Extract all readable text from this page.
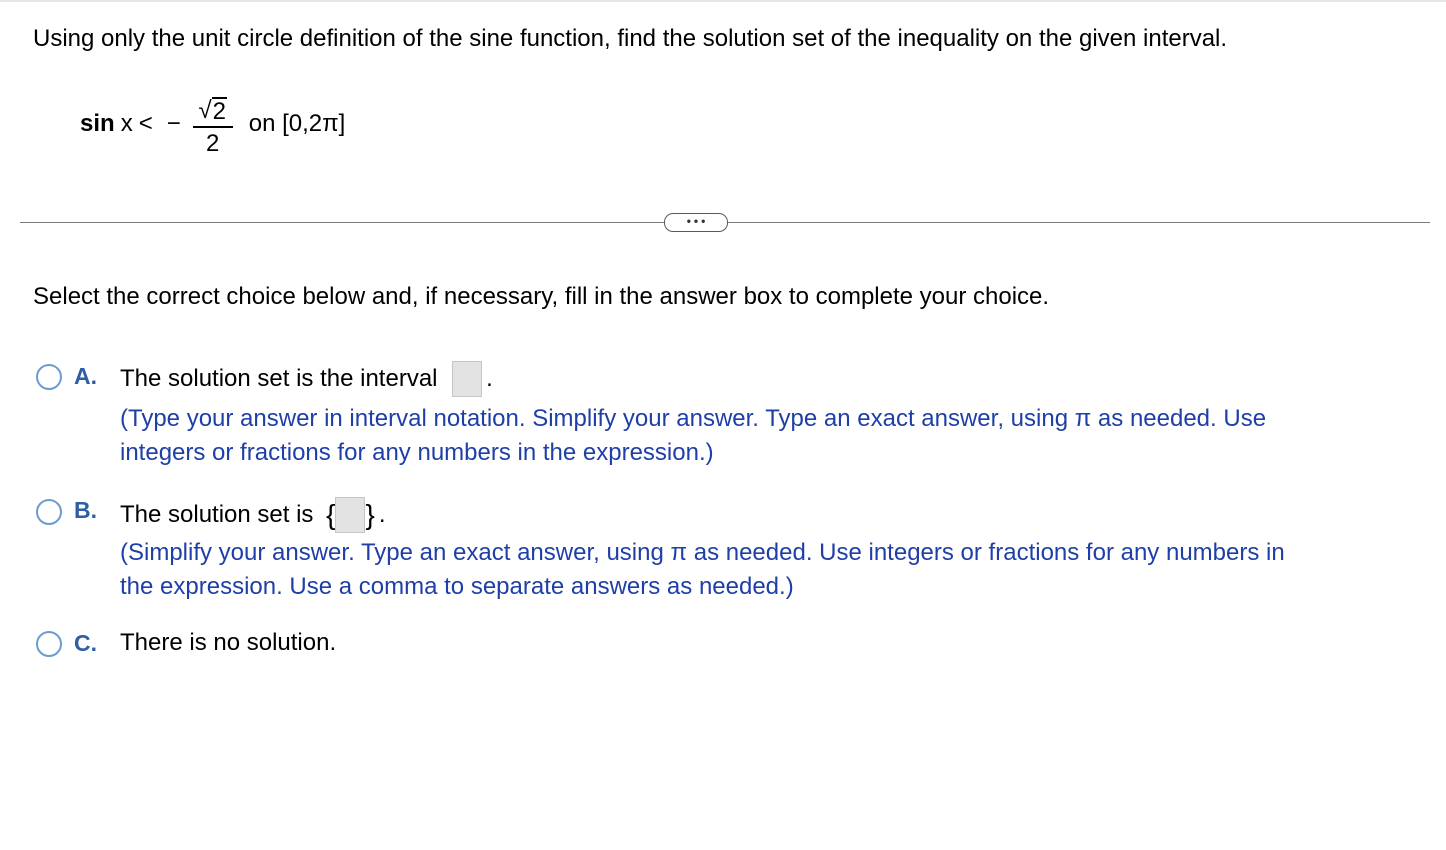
Using only the unit circle definition of the sine function, find the solution set of the inequality on the given interval.
sin x < − $\frac{√ 2}{2}$ on [0,2π]
•••
Select the correct choice below and, if necessary, fill in the answer box to complete your choice.
A. The solution set is the interval .
(Type your answer in interval notation. Simplify your answer. Type an exact answer, using π as needed. Use
integers or fractions for any numbers in the expression.)
B. The solution set is { } .
(Simplify your answer. Type an exact answer, using π as needed. Use integers or fractions for any numbers in
the expression. Use a comma to separate answers as needed.)
C. There is no solution.
